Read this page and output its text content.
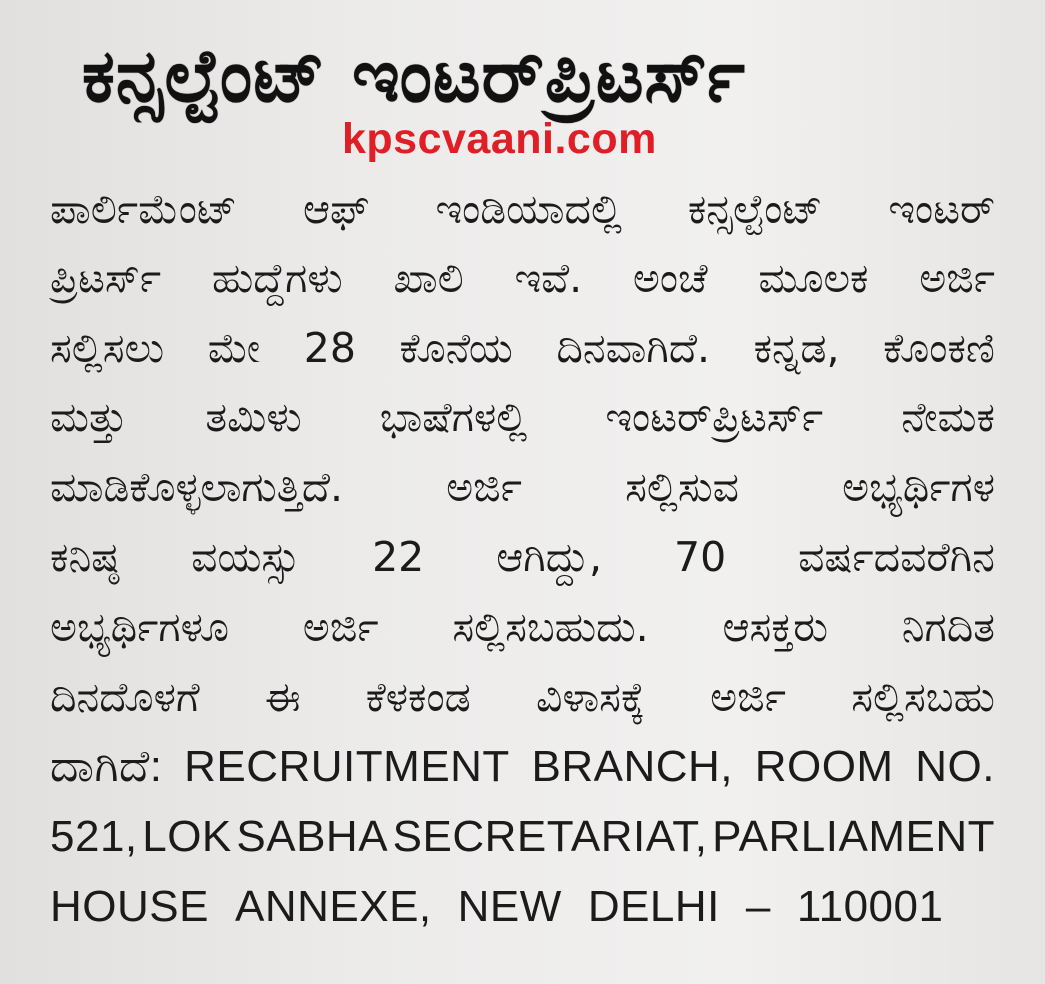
ಕನ್ಸಲ್ಟೆಂಟ್ ಇಂಟರ್‌ಪ್ರಿಟರ್ಸ್
kpscvaani.com
ಪಾರ್ಲಿಮೆಂಟ್ ಆಫ್ ಇಂಡಿಯಾದಲ್ಲಿ ಕನ್ಸಲ್ಟೆಂಟ್ ಇಂಟರ್
ಪ್ರಿಟರ್ಸ್ ಹುದ್ದೆಗಳು ಖಾಲಿ ಇವೆ. ಅಂಚೆ ಮೂಲಕ ಅರ್ಜಿ
ಸಲ್ಲಿಸಲು ಮೇ 28 ಕೊನೆಯ ದಿನವಾಗಿದೆ. ಕನ್ನಡ, ಕೊಂಕಣಿ
ಮತ್ತು ತಮಿಳು ಭಾಷೆಗಳಲ್ಲಿ ಇಂಟರ್‌ಪ್ರಿಟರ್ಸ್ ನೇಮಕ
ಮಾಡಿಕೊಳ್ಳಲಾಗುತ್ತಿದೆ.	ಅರ್ಜಿ	ಸಲ್ಲಿಸುವ	ಅಭ್ಯರ್ಥಿಗಳ
ಕನಿಷ್ಠ ವಯಸ್ಸು 22 ಆಗಿದ್ದು, 70 ವರ್ಷದವರೆಗಿನ
ಅಭ್ಯರ್ಥಿಗಳೂ ಅರ್ಜಿ ಸಲ್ಲಿಸಬಹುದು. ಆಸಕ್ತರು ನಿಗದಿತ
ದಿನದೊಳಗೆ ಈ ಕೆಳಕಂಡ ವಿಳಾಸಕ್ಕೆ ಅರ್ಜಿ ಸಲ್ಲಿಸಬಹು
ದಾಗಿದೆ: RECRUITMENT BRANCH, ROOM NO.
521, LOK SABHA SECRETARIAT, PARLIAMENT
HOUSE ANNEXE, NEW DELHI – 110001
